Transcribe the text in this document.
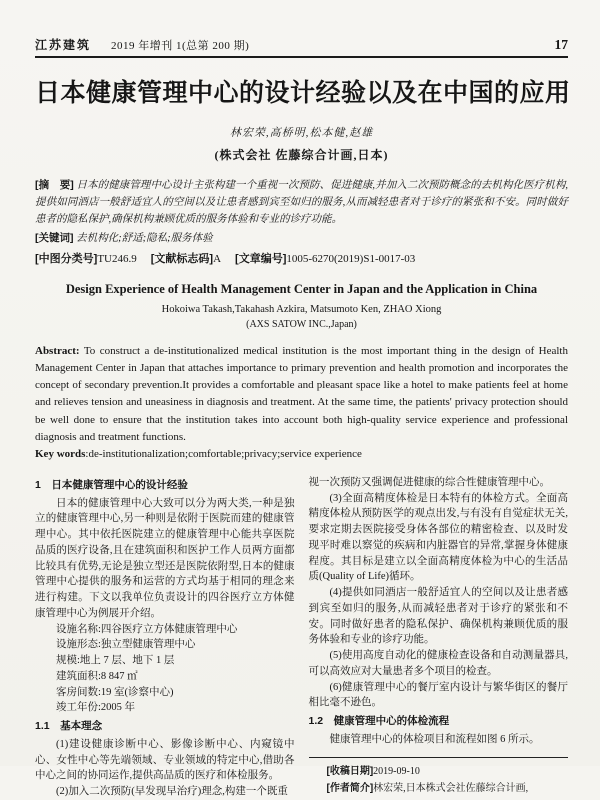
江苏建筑 2019 年增刊 1(总第 200 期)	17
日本健康管理中心的设计经验以及在中国的应用
林宏荣,高桥明,松本健,赵雄
(株式会社 佐藤综合计画,日本)
[摘　要] 日本的健康管理中心设计主张构建一个重视一次预防、促进健康,并加入二次预防概念的去机构化医疗机构,提供如同酒店一般舒适宜人的空间以及让患者感到宾至如归的服务,从而减轻患者对于诊疗的紧张和不安。同时做好患者的隐私保护,确保机构兼顾优质的服务体验和专业的诊疗功能。
[关键词] 去机构化;舒适;隐私;服务体验
[中图分类号]TU246.9 [文献标志码]A [文章编号]1005-6270(2019)S1-0017-03
Design Experience of Health Management Center in Japan and the Application in China
Hokoiwa Takash,Takahash Azkira, Matsumoto Ken, ZHAO Xiong
(AXS SATOW INC.,Japan)
Abstract: To construct a de-institutionalized medical institution is the most important thing in the design of Health Management Center in Japan that attaches importance to primary prevention and health promotion and incorporates the concept of secondary prevention.It provides a comfortable and pleasant space like a hotel to make patients feel at home and relieves tension and uneasiness in diagnosis and treatment. At the same time, the patients' privacy protection should be well done to ensure that the institution takes into account both high-quality service experience and professional diagnosis and treatment functions.
Key words:de-institutionalization;comfortable;privacy;service experience
1　日本健康管理中心的设计经验
日本的健康管理中心大致可以分为两大类,一种是独立的健康管理中心,另一种则是依附于医院而建的健康管理中心。其中依托医院建立的健康管理中心能共享医院品质的医疗设备,且在建筑面积和医护工作人员两方面都比较具有优势,无论是独立型还是医院依附型,日本的健康管理中心提供的服务和运营的方式均基于相同的理念来进行构建。下文以我单位负责设计的四谷医疗立方体健康管理中心为例展开介绍。
设施名称:四谷医疗立方体健康管理中心
设施形态:独立型健康管理中心
规模:地上 7 层、地下 1 层
建筑面积:8 847 ㎡
客房间数:19 室(诊察中心)
竣工年份:2005 年
1.1　基本理念
(1)建设健康诊断中心、影像诊断中心、内窥镜中心、女性中心等先端领域、专业领域的特定中心,借助各中心之间的协同运作,提供高品质的医疗和体检服务。
(2)加入二次预防(早发现早治疗)理念,构建一个既重
视一次预防又强调促进健康的综合性健康管理中心。
(3)全面高精度体检是日本特有的体检方式。全面高精度体检从预防医学的观点出发,与有没有自觉症状无关,要求定期去医院接受身体各部位的精密检查、以及时发现平时难以察觉的疾病和内脏器官的异常,掌握身体健康程度。其目标是建立以全面高精度体检为中心的生活品质(Quality of Life)循环。
(4)提供如同酒店一般舒适宜人的空间以及让患者感到宾至如归的服务,从而减轻患者对于诊疗的紧张和不安。同时做好患者的隐私保护、确保机构兼顾优质的服务体验和专业的诊疗功能。
(5)使用高度自动化的健康检查设备和自动测量器具,可以高效应对大量患者多个项目的检查。
(6)健康管理中心的餐厅室内设计与繁华街区的餐厅相比毫不逊色。
1.2　健康管理中心的体检流程
健康管理中心的体检项目和流程如图 6 所示。
[收稿日期]2019-09-10
[作者简介]林宏荣,日本株式会社佐藤综合计画,
